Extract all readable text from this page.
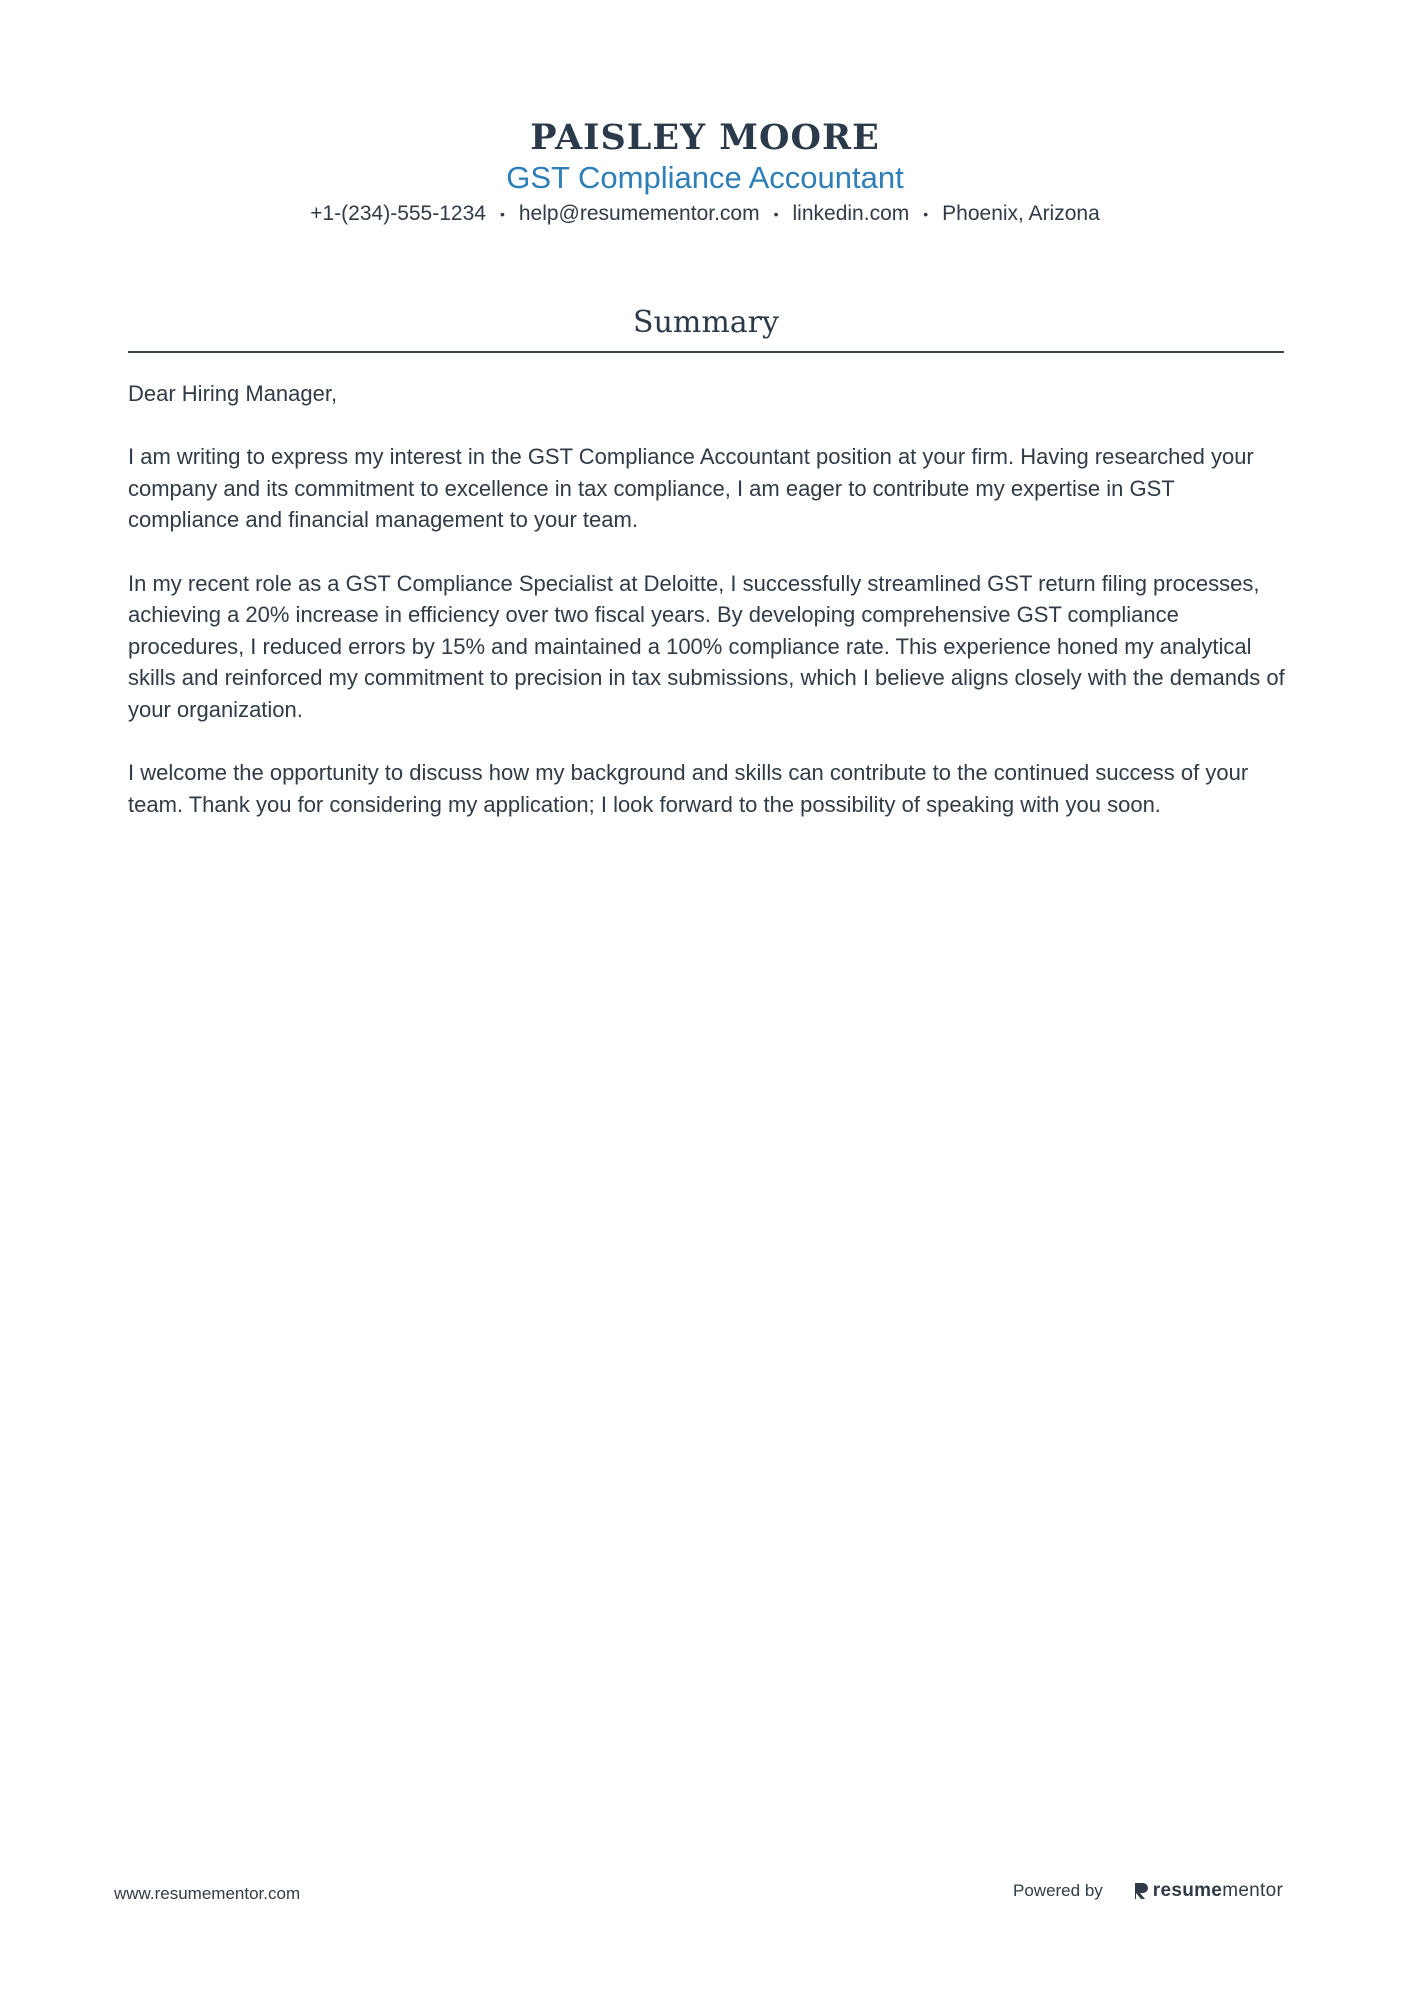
PAISLEY MOORE
GST Compliance Accountant
+1-(234)-555-1234 • help@resumementor.com • linkedin.com • Phoenix, Arizona
Summary

Dear Hiring Manager,

I am writing to express my interest in the GST Compliance Accountant position at your firm. Having researched your company and its commitment to excellence in tax compliance, I am eager to contribute my expertise in GST compliance and financial management to your team.

In my recent role as a GST Compliance Specialist at Deloitte, I successfully streamlined GST return filing processes, achieving a 20% increase in efficiency over two fiscal years. By developing comprehensive GST compliance procedures, I reduced errors by 15% and maintained a 100% compliance rate. This experience honed my analytical skills and reinforced my commitment to precision in tax submissions, which I believe aligns closely with the demands of your organization.

I welcome the opportunity to discuss how my background and skills can contribute to the continued success of your team. Thank you for considering my application; I look forward to the possibility of speaking with you soon.

www.resumementor.com	Powered by	resume mentor
